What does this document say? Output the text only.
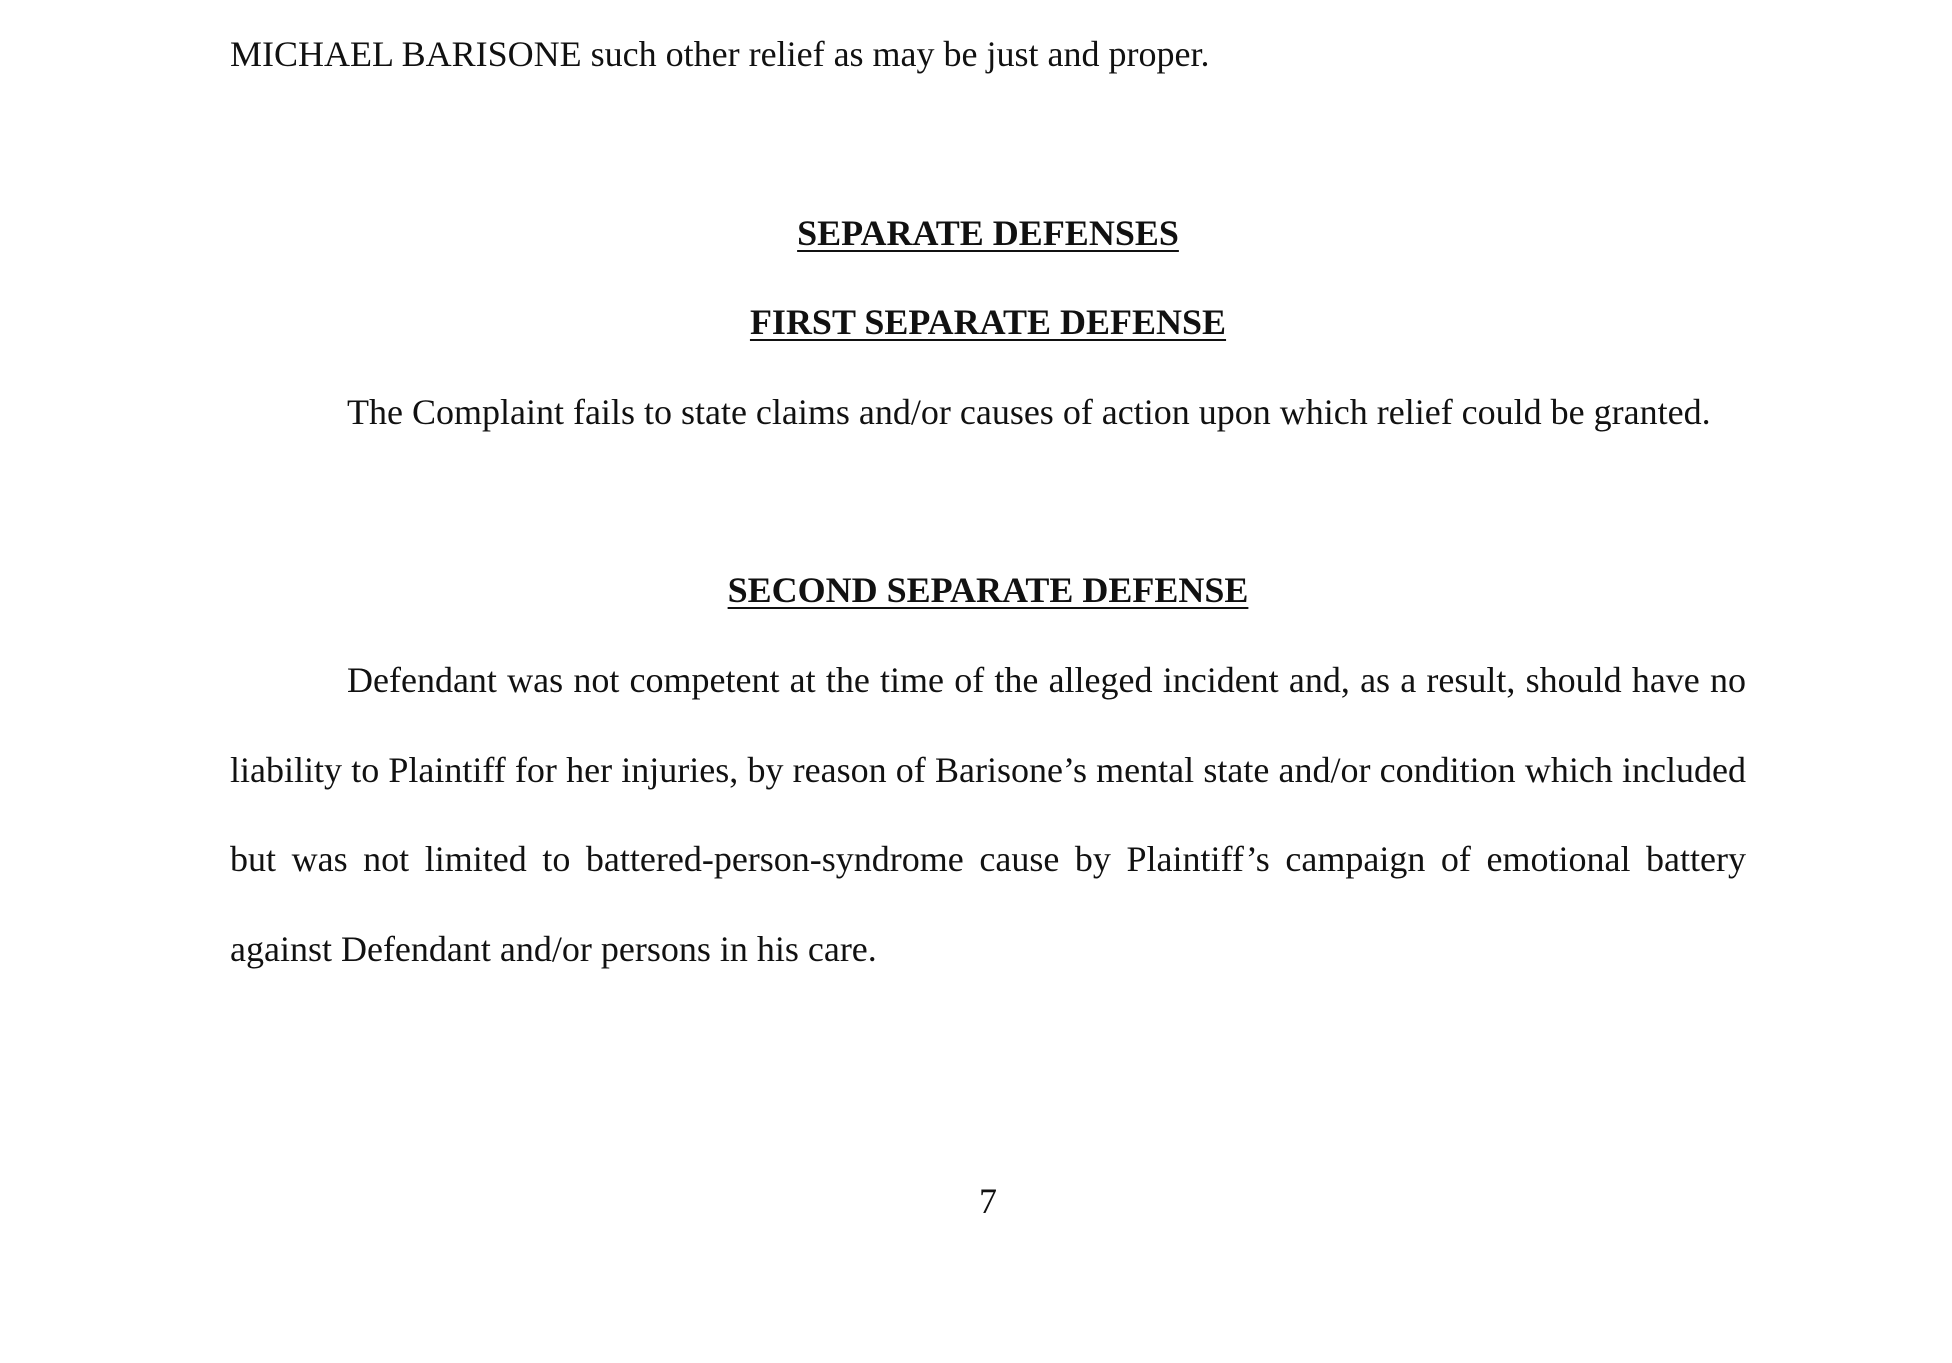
MICHAEL BARISONE such other relief as may be just and proper.
SEPARATE DEFENSES
FIRST SEPARATE DEFENSE

The Complaint fails to state claims and/or causes of action upon which relief could be granted.

SECOND SEPARATE DEFENSE

Defendant was not competent at the time of the alleged incident and, as a result, should have no liability to Plaintiff for her injuries, by reason of Barisone’s mental state and/or condition which included but was not limited to battered-person-syndrome cause by Plaintiff’s campaign of emotional battery against Defendant and/or persons in his care.

7
